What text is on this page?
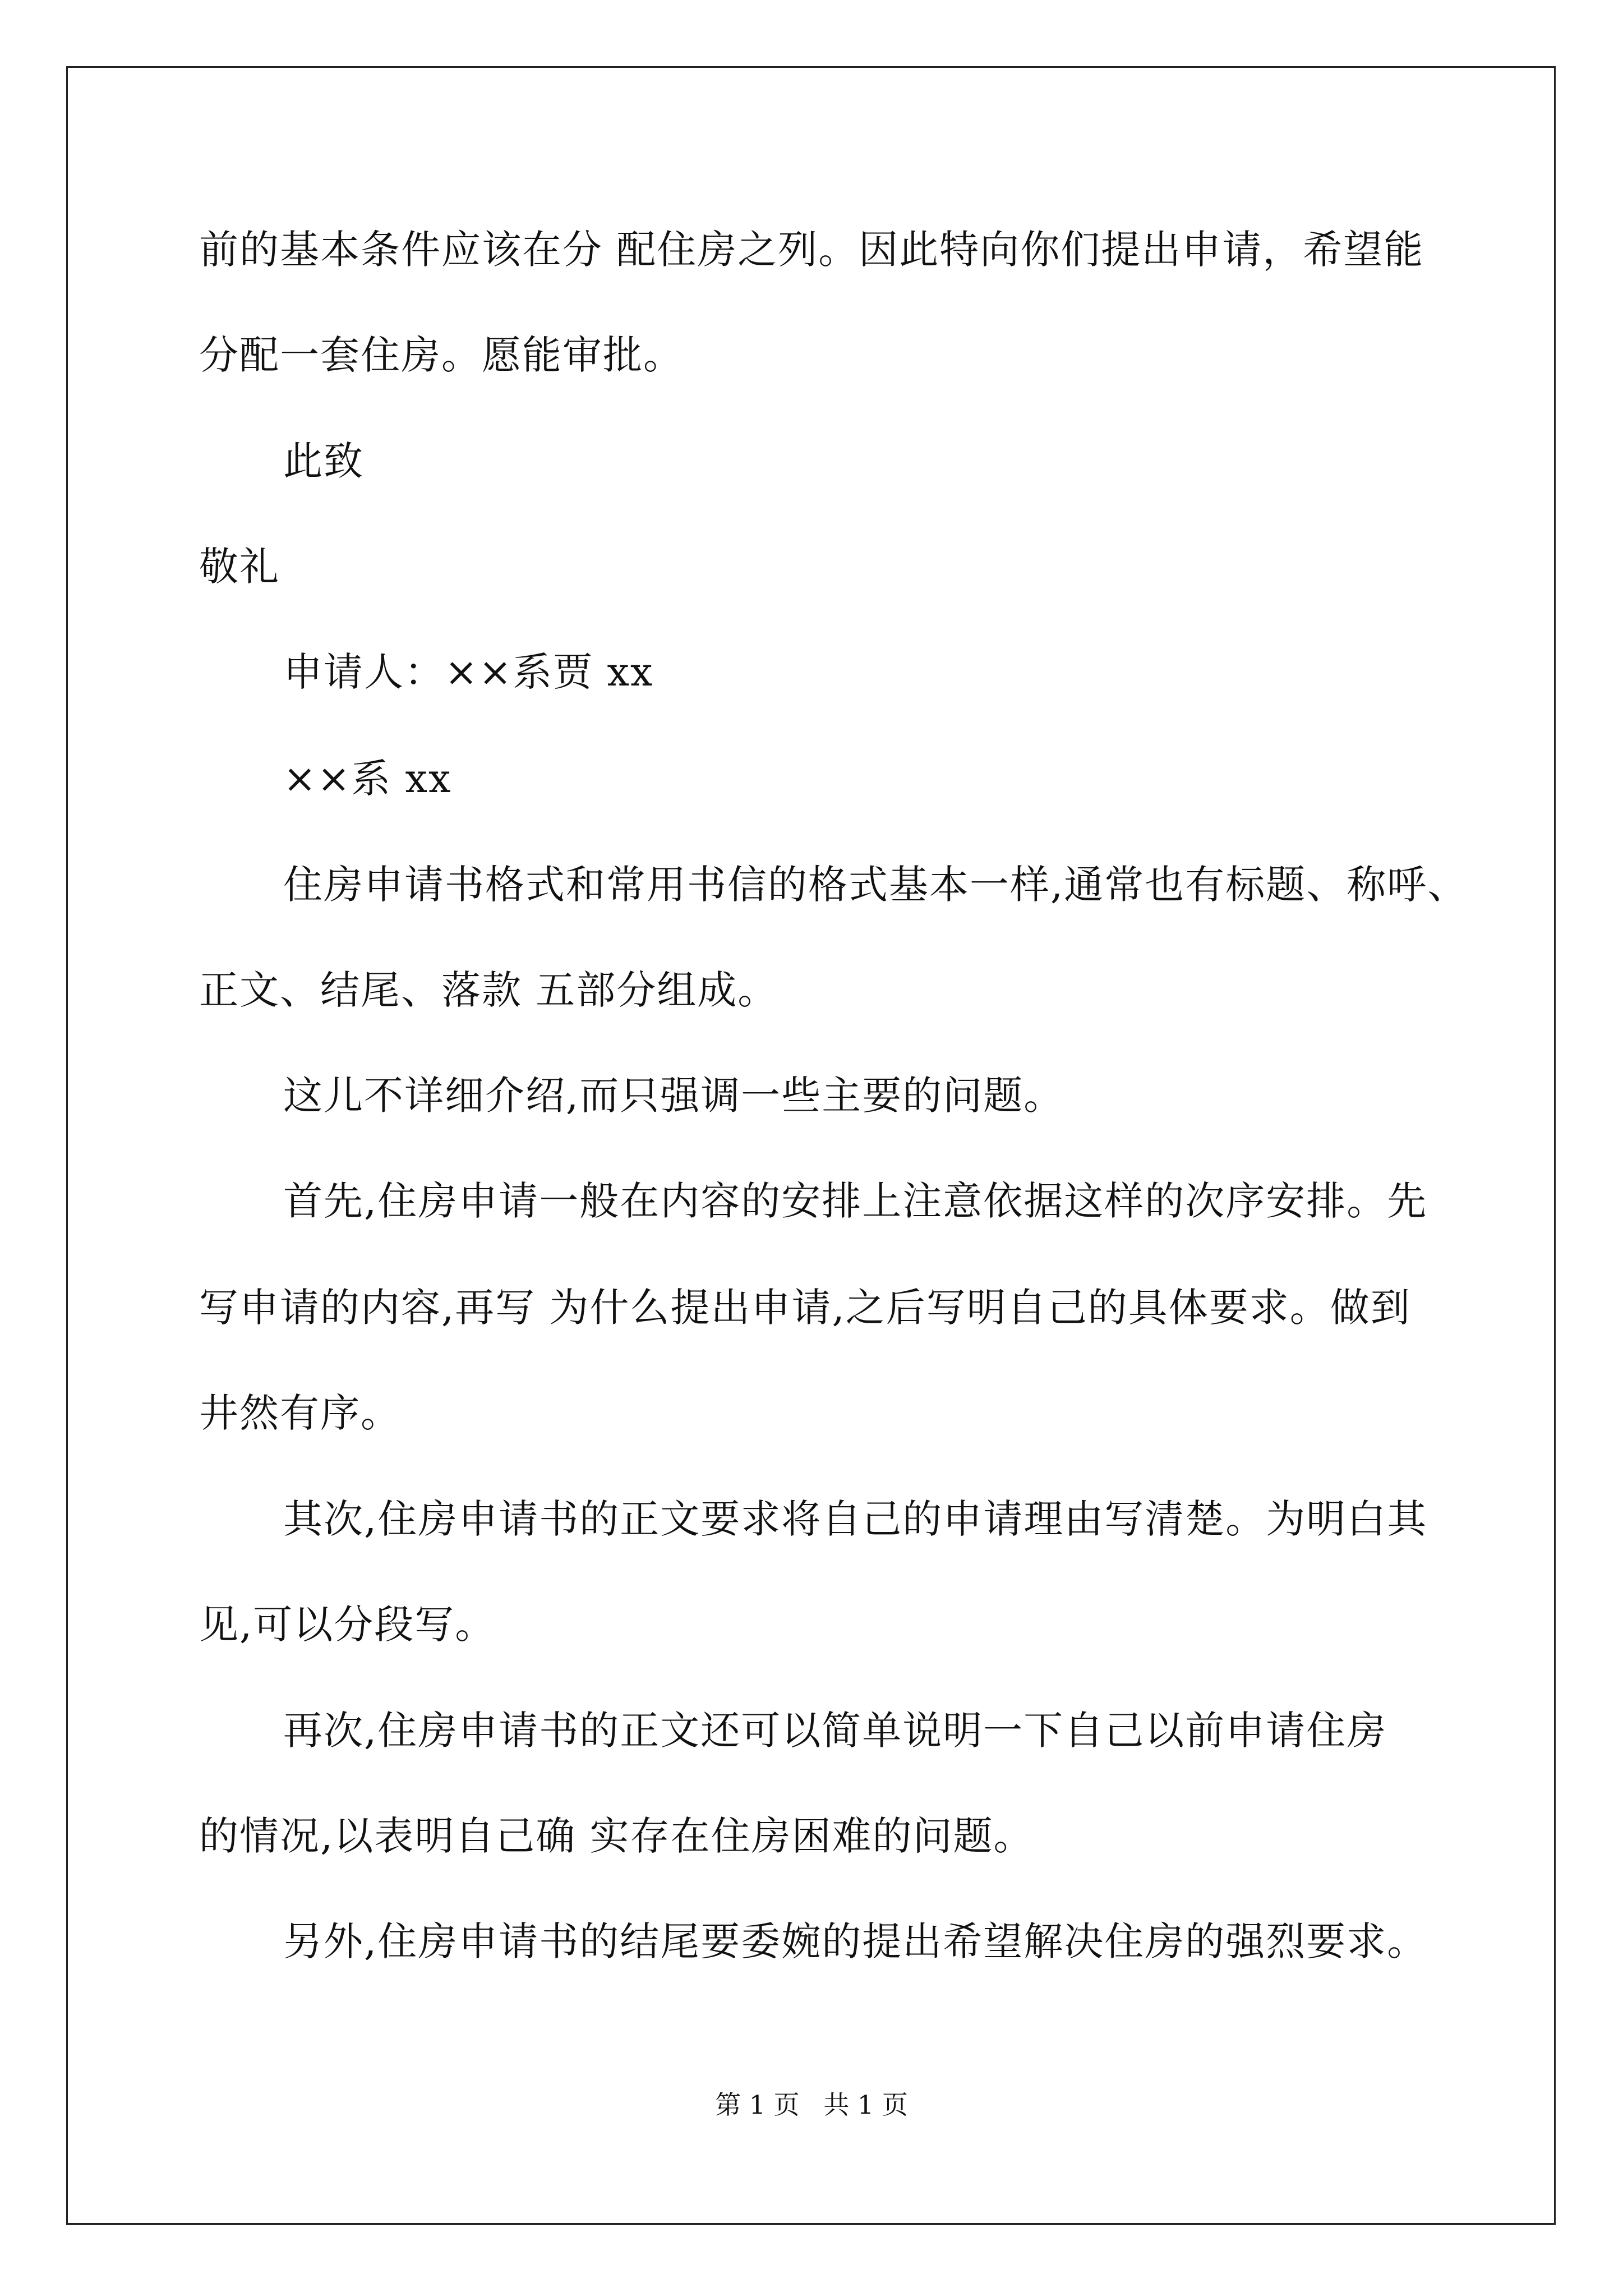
前的基本条件应该在分 配住房之列。因此特向你们提出申请，希望能
分配一套住房。愿能审批。
此致
敬礼
申请人：××系贾 xx
××系 xx
住房申请书格式和常用书信的格式基本一样,通常也有标题、称呼、
正文、结尾、落款 五部分组成。
这儿不详细介绍,而只强调一些主要的问题。
首先,住房申请一般在内容的安排上注意依据这样的次序安排。先
写申请的内容,再写 为什么提出申请,之后写明自己的具体要求。做到
井然有序。
其次,住房申请书的正文要求将自己的申请理由写清楚。为明白其
见,可以分段写。
再次,住房申请书的正文还可以简单说明一下自己以前申请住房
的情况,以表明自己确 实存在住房困难的问题。
另外,住房申请书的结尾要委婉的提出希望解决住房的强烈要求。
第 1 页 共 1 页
